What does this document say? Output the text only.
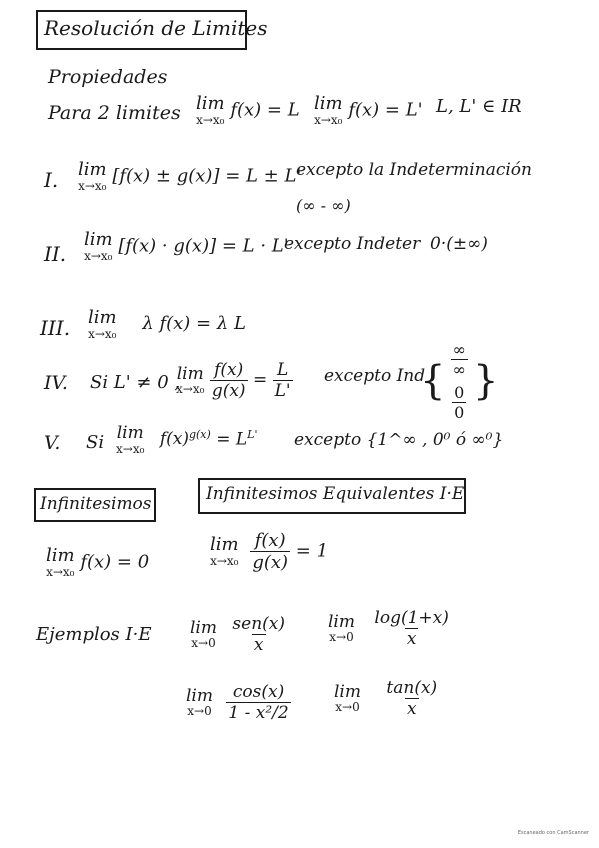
Resolución de Limites
Propiedades
Para 2 limites lim
x→x₀ f(x) = L lim
x→x₀ f(x) = L' L, L' ∈ IR
I. lim
x→x₀ [f(x) ± g(x)] = L ± L'
excepto la Indeterminación
(∞ - ∞)
II.
lim
x→x₀ [f(x) · g(x)] = L · L'
excepto Indeter 0·(±∞)
III. lim
x→x₀ λ f(x) = λ L
IV. Si L' ≠ 0 ,
lim
x→x₀
$\frac{f(x)}{g(x)} = \frac{L}{L'}$ excepto Ind
{ $\frac{\infty}{\infty}$
$\frac{0}{0}$ }
V. Si lim
x→x₀ $f(x)^{g(x)} = L^{L'}$ excepto {1^∞ , 0⁰ ó ∞⁰}
Infinitesimos	Infinitesimos Equivalentes I·E
lim
x→x₀ f(x) = 0
lim
x→x₀
$\frac{f(x)}{g(x)} = 1$
Ejemplos I·E lim
x→0
$\frac{\text{sen(x)}}{x}$ lim
x→0
$\frac{\log(1+x)}{x}$
lim
x→0
$\frac{\cos(x)}{\text{1 - x²/2}}$	lim
x→0
$\frac{\tan(x)}{x}$
Escaneado con CamScanner
